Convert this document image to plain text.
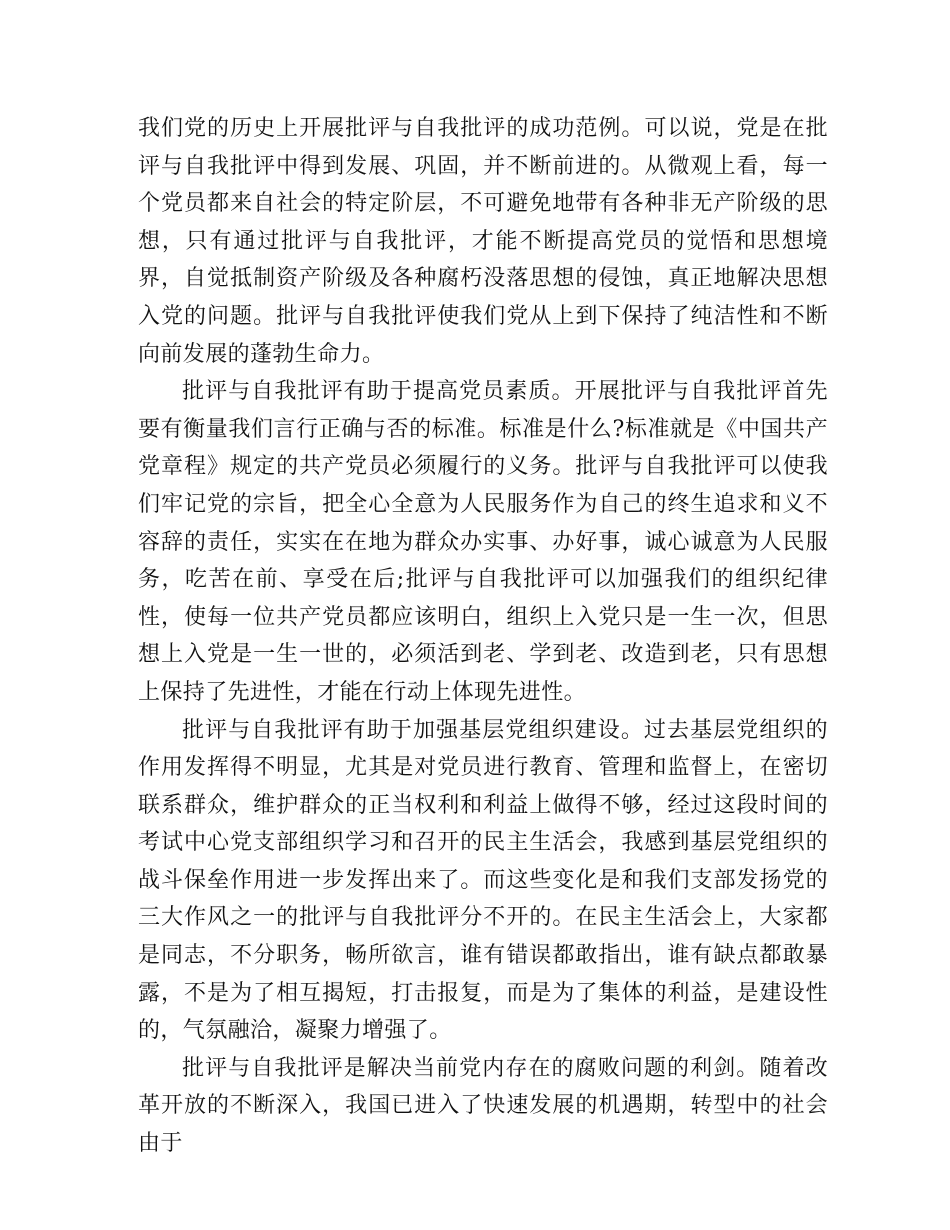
我们党的历史上开展批评与自我批评的成功范例。可以说，党是在批评与自我批评中得到发展、巩固，并不断前进的。从微观上看，每一个党员都来自社会的特定阶层，不可避免地带有各种非无产阶级的思想，只有通过批评与自我批评，才能不断提高党员的觉悟和思想境界，自觉抵制资产阶级及各种腐朽没落思想的侵蚀，真正地解决思想入党的问题。批评与自我批评使我们党从上到下保持了纯洁性和不断向前发展的蓬勃生命力。

批评与自我批评有助于提高党员素质。开展批评与自我批评首先要有衡量我们言行正确与否的标准。标准是什么?标准就是《中国共产党章程》规定的共产党员必须履行的义务。批评与自我批评可以使我们牢记党的宗旨，把全心全意为人民服务作为自己的终生追求和义不容辞的责任，实实在在地为群众办实事、办好事，诚心诚意为人民服务，吃苦在前、享受在后;批评与自我批评可以加强我们的组织纪律性，使每一位共产党员都应该明白，组织上入党只是一生一次，但思想上入党是一生一世的，必须活到老、学到老、改造到老，只有思想上保持了先进性，才能在行动上体现先进性。

批评与自我批评有助于加强基层党组织建设。过去基层党组织的作用发挥得不明显，尤其是对党员进行教育、管理和监督上，在密切联系群众，维护群众的正当权利和利益上做得不够，经过这段时间的考试中心党支部组织学习和召开的民主生活会，我感到基层党组织的战斗保垒作用进一步发挥出来了。而这些变化是和我们支部发扬党的三大作风之一的批评与自我批评分不开的。在民主生活会上，大家都是同志，不分职务，畅所欲言，谁有错误都敢指出，谁有缺点都敢暴露，不是为了相互揭短，打击报复，而是为了集体的利益，是建设性的，气氛融洽，凝聚力增强了。

批评与自我批评是解决当前党内存在的腐败问题的利剑。随着改革开放的不断深入，我国已进入了快速发展的机遇期，转型中的社会由于
